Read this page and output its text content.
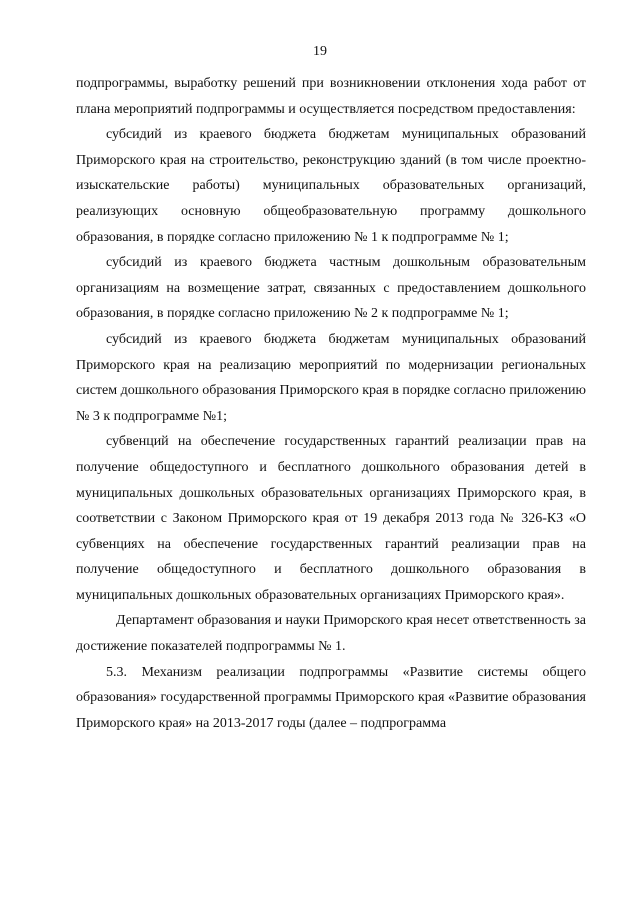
19

подпрограммы, выработку решений при возникновении отклонения хода работ от плана мероприятий подпрограммы и осуществляется посредством предоставления:

субсидий из краевого бюджета бюджетам муниципальных образований Приморского края на строительство, реконструкцию зданий (в том числе проектно-изыскательские работы) муниципальных образовательных организаций, реализующих основную общеобразовательную программу дошкольного образования, в порядке согласно приложению № 1 к подпрограмме № 1;

субсидий из краевого бюджета частным дошкольным образовательным организациям на возмещение затрат, связанных с предоставлением дошкольного образования, в порядке согласно приложению № 2 к подпрограмме № 1;

субсидий из краевого бюджета бюджетам муниципальных образований Приморского края на реализацию мероприятий по модернизации региональных систем дошкольного образования Приморского края в порядке согласно приложению № 3 к подпрограмме №1;

субвенций на обеспечение государственных гарантий реализации прав на получение общедоступного и бесплатного дошкольного образования детей в муниципальных дошкольных образовательных организациях Приморского края, в соответствии с Законом Приморского края от 19 декабря 2013 года № 326-КЗ «О субвенциях на обеспечение государственных гарантий реализации прав на получение общедоступного и бесплатного дошкольного образования в муниципальных дошкольных образовательных организациях Приморского края».

Департамент образования и науки Приморского края несет ответственность за достижение показателей подпрограммы № 1.

5.3. Механизм реализации подпрограммы «Развитие системы общего образования» государственной программы Приморского края «Развитие образования Приморского края» на 2013-2017 годы (далее – подпрограмма
